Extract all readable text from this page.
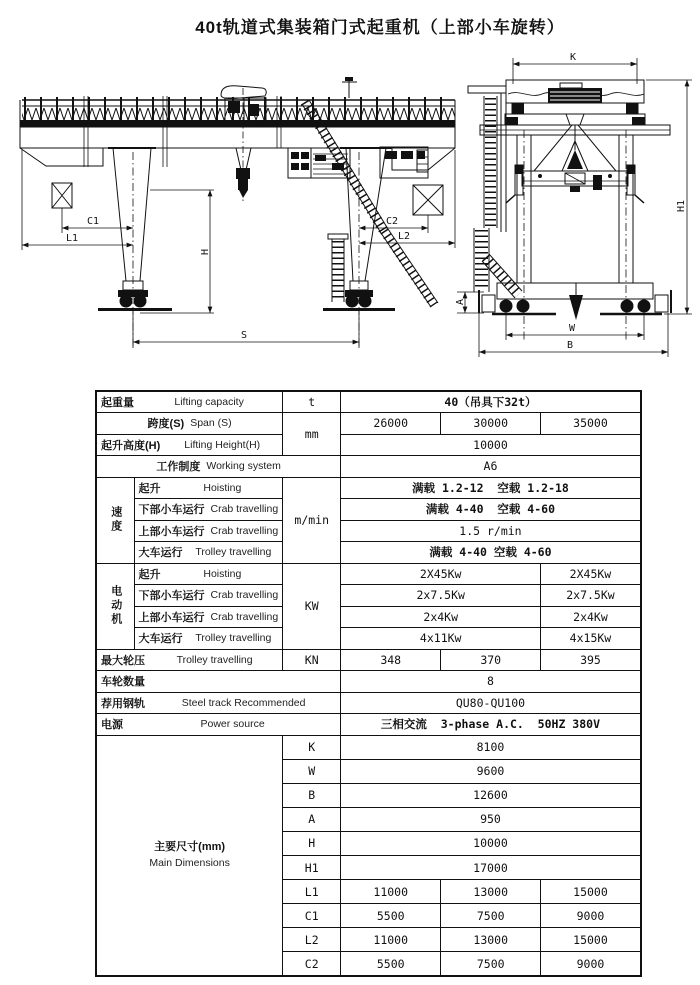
40t轨道式集装箱门式起重机（上部小车旋转）
C1
L1
C2
L2
H
S
K
A
W
B
H1
起重量 Lifting capacity		t	40（吊具下32t）		

跨度(S) Span (S)		mm	26000	30000	35000

起升高度(H) Lifting Height(H)			10000		

工作制度 Working system			A6		

速度	起升 Hoisting	m/min	满载 1.2-12  空载 1.2-18		

	下部小车运行 Crab travelling		满载 4-40  空载 4-60		

	上部小车运行 Crab travelling		1.5 r/min		

	大车运行 Trolley travelling		满载 4-40 空载 4-60		

电动机	起升 Hoisting	KW	2X45Kw		2X45Kw

	下部小车运行 Crab travelling		2x7.5Kw		2x7.5Kw

	上部小车运行 Crab travelling		2x4Kw		2x4Kw

	大车运行 Trolley travelling		4x11Kw		4x15Kw

最大轮压 Trolley travelling		KN	348	370	395

车轮数量			8		

荐用钢轨 Steel track Recommended			QU80-QU100		

电源 Power source			三相交流  3-phase A.C.  50HZ 380V		

主要尺寸(mm)
Main Dimensions		K	8100		
		W	9600		
		B	12600		
		A	950		
		H	10000		
		H1	17000		
		L1	11000	13000	15000
		C1	5500	7500	9000
		L2	11000	13000	15000
		C2	5500	7500	9000
